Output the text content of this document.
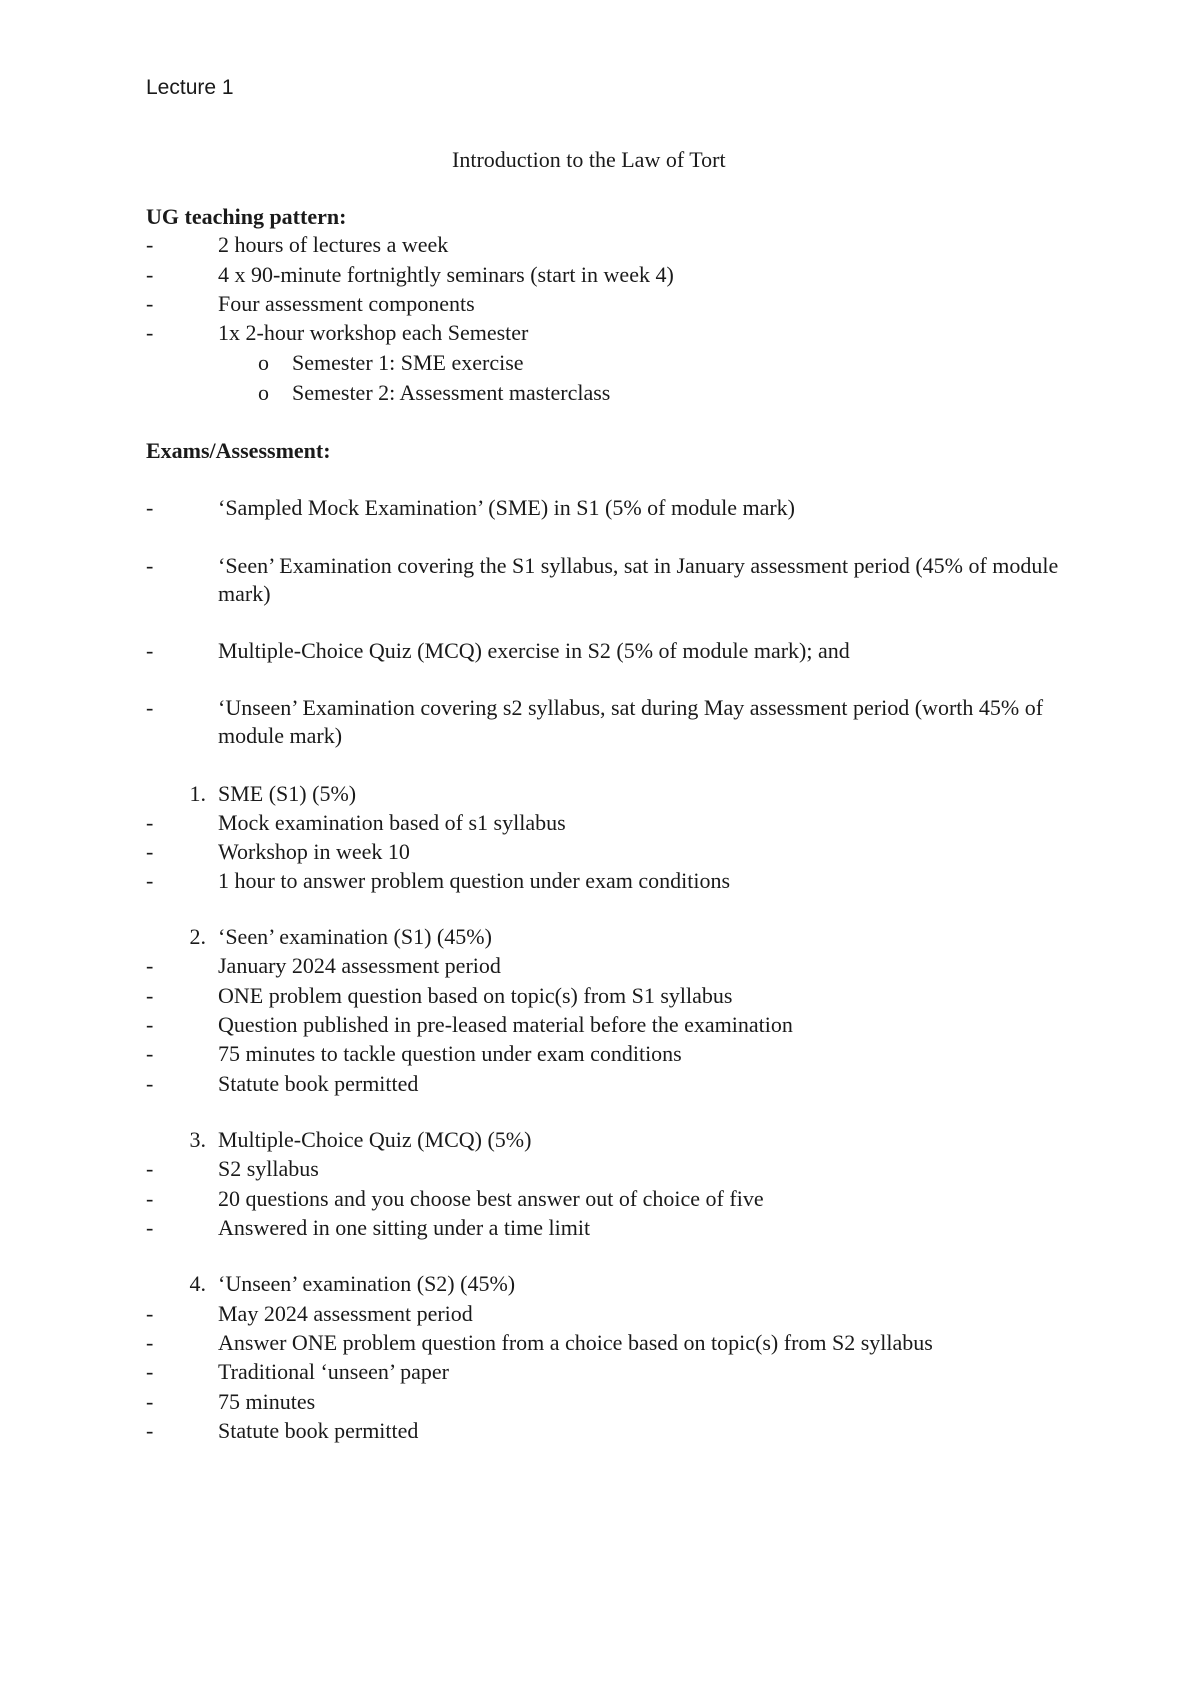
Lecture 1
Introduction to the Law of Tort
UG teaching pattern:
-	2 hours of lectures a week
-	4 x 90-minute fortnightly seminars (start in week 4)
-	Four assessment components
-	1x 2-hour workshop each Semester
o Semester 1: SME exercise
o Semester 2: Assessment masterclass
Exams/Assessment:
-	‘Sampled Mock Examination’ (SME) in S1 (5% of module mark)
-	‘Seen’ Examination covering the S1 syllabus, sat in January assessment period (45% of module mark)
-	Multiple-Choice Quiz (MCQ) exercise in S2 (5% of module mark); and
-	‘Unseen’ Examination covering s2 syllabus, sat during May assessment period (worth 45% of module mark)
1. SME (S1) (5%)
-	Mock examination based of s1 syllabus
-	Workshop in week 10
-	1 hour to answer problem question under exam conditions
2. ‘Seen’ examination (S1) (45%)
-	January 2024 assessment period
-	ONE problem question based on topic(s) from S1 syllabus
-	Question published in pre-leased material before the examination
-	75 minutes to tackle question under exam conditions
-	Statute book permitted
3. Multiple-Choice Quiz (MCQ) (5%)
-	S2 syllabus
-	20 questions and you choose best answer out of choice of five
-	Answered in one sitting under a time limit
4. ‘Unseen’ examination (S2) (45%)
-	May 2024 assessment period
-	Answer ONE problem question from a choice based on topic(s) from S2 syllabus
-	Traditional ‘unseen’ paper
-	75 minutes
-	Statute book permitted
